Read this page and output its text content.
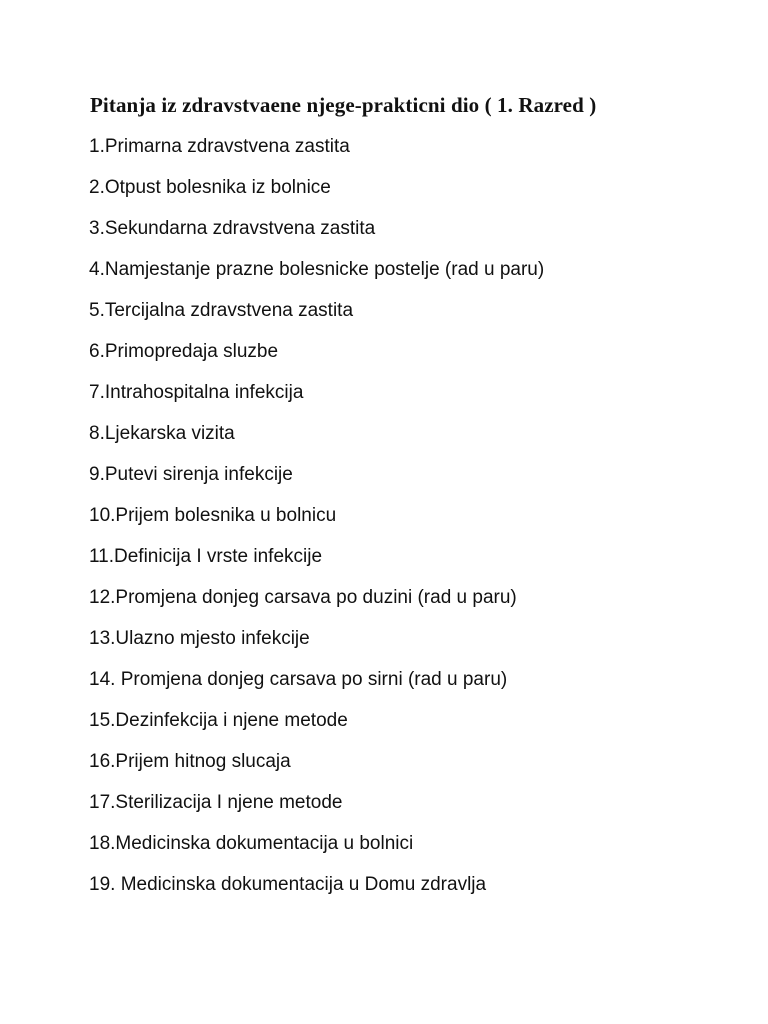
Pitanja iz zdravstvaene njege-prakticni dio ( 1. Razred )
1.Primarna zdravstvena zastita
2.Otpust bolesnika iz bolnice
3.Sekundarna zdravstvena zastita
4.Namjestanje prazne bolesnicke postelje (rad u paru)
5.Tercijalna zdravstvena zastita
6.Primopredaja sluzbe
7.Intrahospitalna infekcija
8.Ljekarska vizita
9.Putevi sirenja infekcije
10.Prijem bolesnika u bolnicu
11.Definicija I vrste infekcije
12.Promjena donjeg carsava po duzini (rad u paru)
13.Ulazno mjesto infekcije
14. Promjena donjeg carsava po sirni (rad u paru)
15.Dezinfekcija i njene metode
16.Prijem hitnog slucaja
17.Sterilizacija I njene metode
18.Medicinska dokumentacija u bolnici
19. Medicinska dokumentacija u Domu zdravlja
